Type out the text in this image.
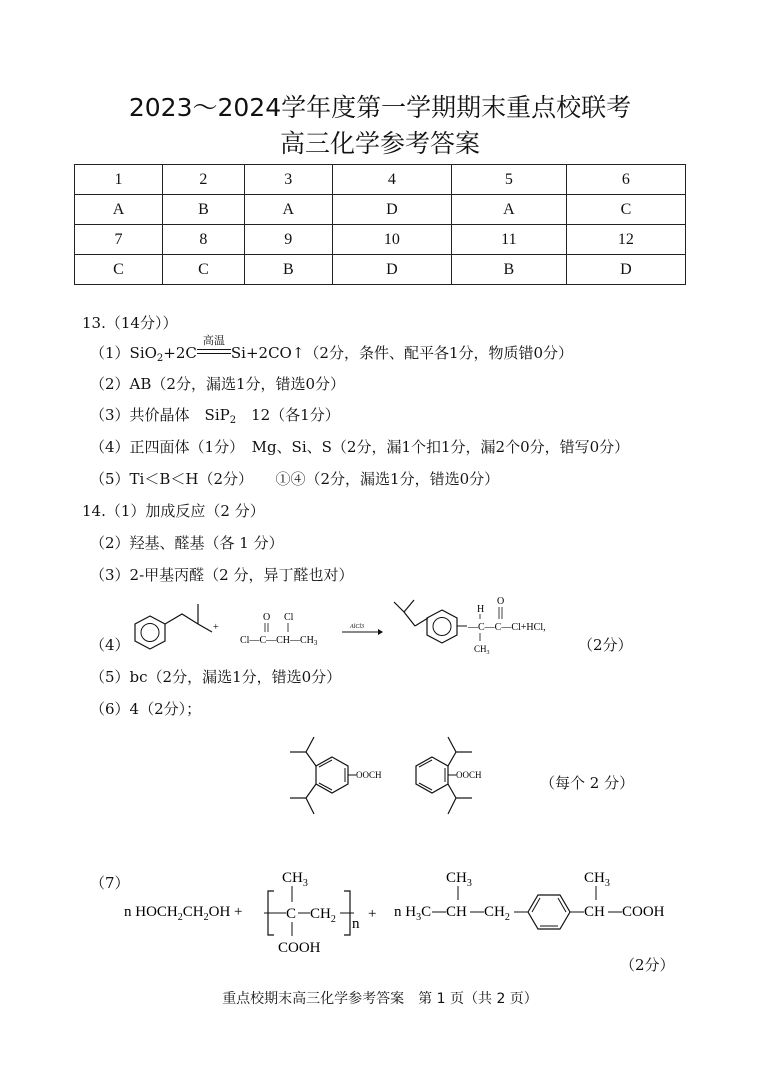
2023～2024学年度第一学期期末重点校联考
高三化学参考答案
1	2	3	4	5	6
A	B	A	D	A	C
7	8	9	10	11	12
C	C	B	D	B	D
13.（14分））
（1）SiO$_2$+2C
高温
Si+2CO↑（2分，条件、配平各1分，物质错0分）
（2）AB（2分，漏选1分，错选0分）
（3）共价晶体　SiP$_2$　12（各1分）
（4）正四面体（1分）　Mg、Si、S（2分，漏1个扣1分，漏2个0分，错写0分）
（5）Ti＜B＜H（2分）　　①④（2分，漏选1分，错选0分）
14.（1）加成反应（2 分）
（2）羟基、醛基（各 1 分）
（3）2-甲基丙醛（2 分，异丁醛也对）
（4）
+
O Cl
$Cl—C—CH—CH_3$
AlCl3
H
O
—C—C—Cl+HCl,
$CH_3$	（2分）
（5）bc（2分，漏选1分，错选0分）
（6）4（2分）；
OOCH	OOCH	（每个 2 分）
（7）
n $HOCH_2CH_2OH$ +
$CH_3$
C $CH_2$ n
COOH
+ n $H_3C$ CH
$CH_3$
$CH_2$	CH
$CH_3$
COOH
（2分）
重点校期末高三化学参考答案　第 1 页（共 2 页）
